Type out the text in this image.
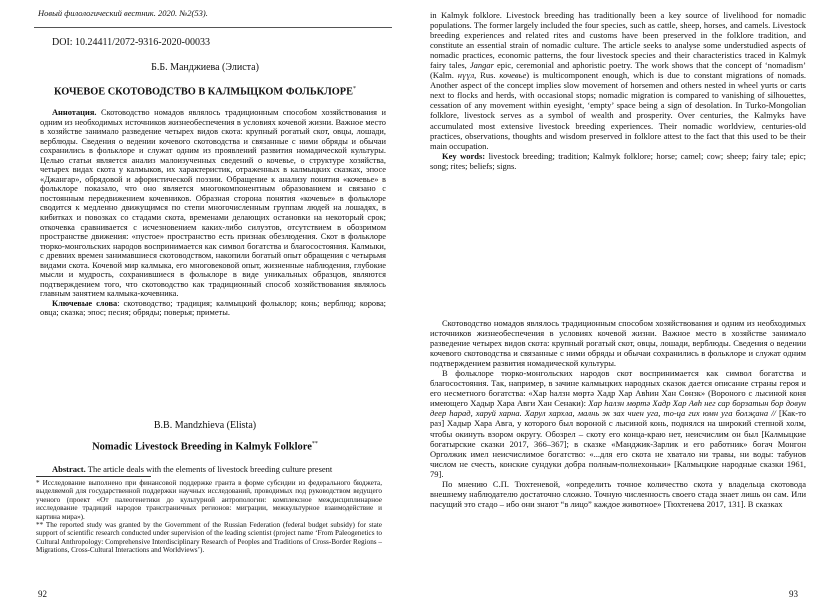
Новый филологический вестник. 2020. №2(53).
DOI: 10.24411/2072-9316-2020-00033
Б.Б. Манджиева (Элиста)
КОЧЕВОЕ СКОТОВОДСТВО В КАЛМЫЦКОМ ФОЛЬКЛОРЕ*

Аннотация. Скотоводство номадов являлось традиционным способом хозяйствования и одним из необходимых источников жизнеобеспечения в условиях кочевой жизни. Важное место в хозяйстве занимало разведение четырех видов скота: крупный рогатый скот, овцы, лошади, верблюды. Сведения о ведении кочевого скотоводства и связанные с ними обряды и обычаи сохранились в фольклоре и служат одним из проявлений развития номадической культуры. Целью статьи является анализ малоизученных сведений о кочевье, о структуре хозяйства, четырех видах скота у калмыков, их характеристик, отраженных в калмыцких сказках, эпосе «Джангар», обрядовой и афористической поэзии. Обращение к анализу понятия «кочевье» в фольклоре показало, что оно является многокомпонентным образованием и связано с постоянным передвижением кочевников. Образная сторона понятия «кочевье» в фольклоре сводится к медленно движущимся по степи многочисленным группам людей на лошадях, в кибитках и повозках со стадами скота, временами делающих остановки на некоторый срок; откочевка сравнивается с исчезновением каких-либо силуэтов, отсутствием в обозримом пространстве движения: «пустое» пространство есть признак обезлюдения. Скот в фольклоре тюрко-монгольских народов воспринимается как символ богатства и благосостояния. Калмыки, с древних времен занимавшиеся скотоводством, накопили богатый опыт обращения с четырьмя видами скота. Кочевой мир калмыка, его многовековой опыт, жизненные наблюдения, глубокие мысли и мудрость, сохранившиеся в фольклоре в виде уникальных образцов, являются подтверждением того, что скотоводство как традиционный способ хозяйствования являлось главным занятием калмыка-кочевника.

Ключевые слова: скотоводство; традиция; калмыцкий фольклор; конь; верблюд; корова; овца; сказка; эпос; песня; обряды; поверья; приметы.

B.B. Mandzhieva (Elista)
Nomadic Livestock Breeding in Kalmyk Folklore**
Abstract. The article deals with the elements of livestock breeding culture present

* Исследование выполнено при финансовой поддержке гранта в форме субсидии из федерального бюджета, выделяемой для государственной поддержки научных исследований, проводимых под руководством ведущего ученого (проект «От палеогенетики до культурной антропологии: комплексное междисциплинарное исследование традиций народов трансграничных регионов: миграции, межкультурное взаимодействие и картина мира»).

** The reported study was granted by the Government of the Russian Federation (federal budget subsidy) for state support of scientific research conducted under supervision of the leading scientist (project name ‘From Paleogenetics to Cultural Anthropology: Comprehensive Interdisciplinary Research of Peoples and Traditions of Cross-Border Regions – Migrations, Cross-Cultural Interactions and Worldviews’).

92
in Kalmyk folklore. Livestock breeding has traditionally been a key source of livelihood for nomadic populations. The former largely included the four species, such as cattle, sheep, horses, and camels. Livestock breeding experiences and related rites and customs have been preserved in the folklore tradition, and constitute an essential strain of nomadic culture. The article seeks to analyse some understudied aspects of nomadic practices, economic patterns, the four livestock species and their characteristics traced in Kalmyk fairy tales, Jangar epic, ceremonial and aphoristic poetry. The work shows that the concept of ‘nomadism’ (Kalm. нүүл, Rus. кочевье) is multicomponent enough, which is due to constant migrations of nomads. Another aspect of the concept implies slow movement of horsemen and others nested in wheel yurts or carts next to flocks and herds, with occasional stops; nomadic migration is compared to vanishing of silhouettes, cessation of any movement within eyesight, ‘empty’ space being a sign of desolation. In Turko-Mongolian folklore, livestock serves as a symbol of wealth and prosperity. Over centuries, the Kalmyks have accumulated most extensive livestock breeding experiences. Their nomadic worldview, centuries-old practices, observations, thoughts and wisdom preserved in folklore attest to the fact that this used to be their main occupation.
Key words: livestock breeding; tradition; Kalmyk folklore; horse; camel; cow; sheep; fairy tale; epic; song; rites; beliefs; signs.

Скотоводство номадов являлось традиционным способом хозяйствования и одним из необходимых источников жизнеобеспечения в условиях кочевой жизни. Важное место в хозяйстве занимало разведение четырех видов скота: крупный рогатый скот, овцы, лошади, верблюды. Сведения о ведении кочевого скотоводства и связанные с ними обряды и обычаи сохранились в фольклоре и служат одним подтверждением развития номадической культуры.

В фольклоре тюрко-монгольских народов скот воспринимается как символ богатства и благосостояния. Так, например, в зачине калмыцких народных сказок дается описание страны героя и его несметного богатства: «Хар һалзн мөртә Хадр Хар Авһин Хан Сөнзк» (Вороного с лысиной коня имеющего Хадыр Хара Авги Хан Сенаки): Хар һалзн мөртә Хадр Хар Авһ нег сар борзатын бор довун деер һарад, харуй харна. Харул хархла, малнь эк зах чиен уга, то-ца гих юмн уга болҗана // [Как-то раз] Хадыр Хара Авга, у которого был вороной с лысиной конь, поднялся на широкий степной холм, чтобы окинуть взором округу. Обозрел – скоту его конца-краю нет, неисчислим он был [Калмыцкие богатырские сказки 2017, 366–367]; в сказке «Манджик-Зарлик и его работник» богач Монгон Орголжик имел неисчислимое богатство: «...для его скота не хватало ни травы, ни воды: табунов числом не счесть, конские сундуки добра полным-полнехоньки» [Калмыцкие народные сказки 1961, 79].

По мнению С.П. Тюхтеневой, «определить точное количество скота у владельца скотовода внешнему наблюдателю достаточно сложно. Точную численность своего стада знает лишь он сам. Или пасущий это стадо – ибо они знают “в лицо” каждое животное» [Тюхтенева 2017, 131]. В сказках

93
